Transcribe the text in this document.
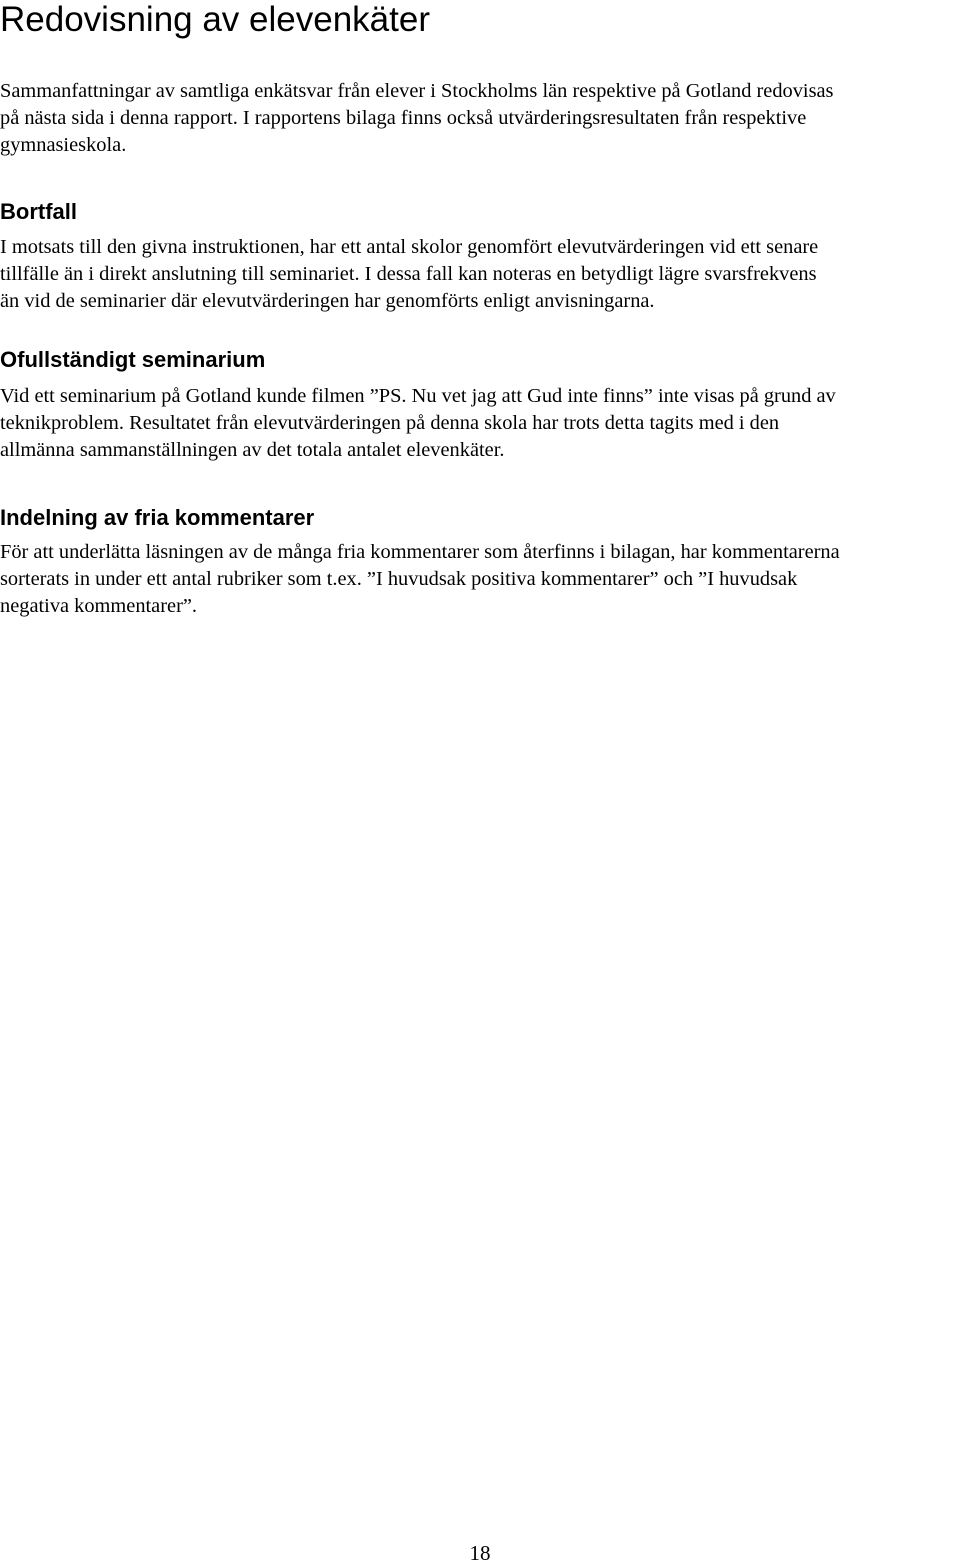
Redovisning av elevenkäter
Sammanfattningar av samtliga enkätsvar från elever i Stockholms län respektive på Gotland redovisas
på nästa sida i denna rapport. I rapportens bilaga finns också utvärderingsresultaten från respektive
gymnasieskola.
Bortfall
I motsats till den givna instruktionen, har ett antal skolor genomfört elevutvärderingen vid ett senare
tillfälle än i direkt anslutning till seminariet. I dessa fall kan noteras en betydligt lägre svarsfrekvens
än vid de seminarier där elevutvärderingen har genomförts enligt anvisningarna.
Ofullständigt seminarium
Vid ett seminarium på Gotland kunde filmen ”PS. Nu vet jag att Gud inte finns” inte visas på grund av
teknikproblem. Resultatet från elevutvärderingen på denna skola har trots detta tagits med i den
allmänna sammanställningen av det totala antalet elevenkäter.
Indelning av fria kommentarer
För att underlätta läsningen av de många fria kommentarer som återfinns i bilagan, har kommentarerna
sorterats in under ett antal rubriker som t.ex. ”I huvudsak positiva kommentarer” och ”I huvudsak
negativa kommentarer”.
18
